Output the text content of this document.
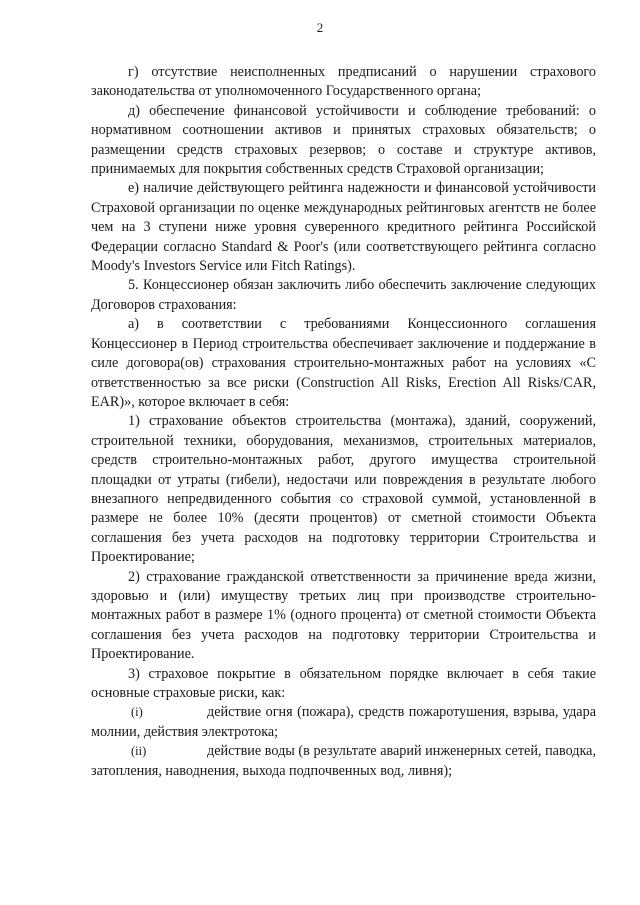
2

г) отсутствие неисполненных предписаний о нарушении страхового законодательства от уполномоченного Государственного органа;

д) обеспечение финансовой устойчивости и соблюдение требований: о нормативном соотношении активов и принятых страховых обязательств; о размещении средств страховых резервов; о составе и структуре активов, принимаемых для покрытия собственных средств Страховой организации;

е) наличие действующего рейтинга надежности и финансовой устойчивости Страховой организации по оценке международных рейтинговых агентств не более чем на 3 ступени ниже уровня суверенного кредитного рейтинга Российской Федерации согласно Standard & Poor's (или соответствующего рейтинга согласно Moody's Investors Service или Fitch Ratings).

5. Концессионер обязан заключить либо обеспечить заключение следующих Договоров страхования:

а) в соответствии с требованиями Концессионного соглашения Концессионер в Период строительства обеспечивает заключение и поддержание в силе договора(ов) страхования строительно-монтажных работ на условиях «С ответственностью за все риски (Construction All Risks, Erection All Risks/CAR, EAR)», которое включает в себя:

1) страхование объектов строительства (монтажа), зданий, сооружений, строительной техники, оборудования, механизмов, строительных материалов, средств строительно-монтажных работ, другого имущества строительной площадки от утраты (гибели), недостачи или повреждения в результате любого внезапного непредвиденного события со страховой суммой, установленной в размере не более 10% (десяти процентов) от сметной стоимости Объекта соглашения без учета расходов на подготовку территории Строительства и Проектирование;

2) страхование гражданской ответственности за причинение вреда жизни, здоровью и (или) имуществу третьих лиц при производстве строительно-монтажных работ в размере 1% (одного процента) от сметной стоимости Объекта соглашения без учета расходов на подготовку территории Строительства и Проектирование.

3) страховое покрытие в обязательном порядке включает в себя такие основные страховые риски, как:

(i)	действие огня (пожара), средств пожаротушения, взрыва, удара молнии, действия электротока;

(ii)	действие воды (в результате аварий инженерных сетей, паводка, затопления, наводнения, выхода подпочвенных вод, ливня);
